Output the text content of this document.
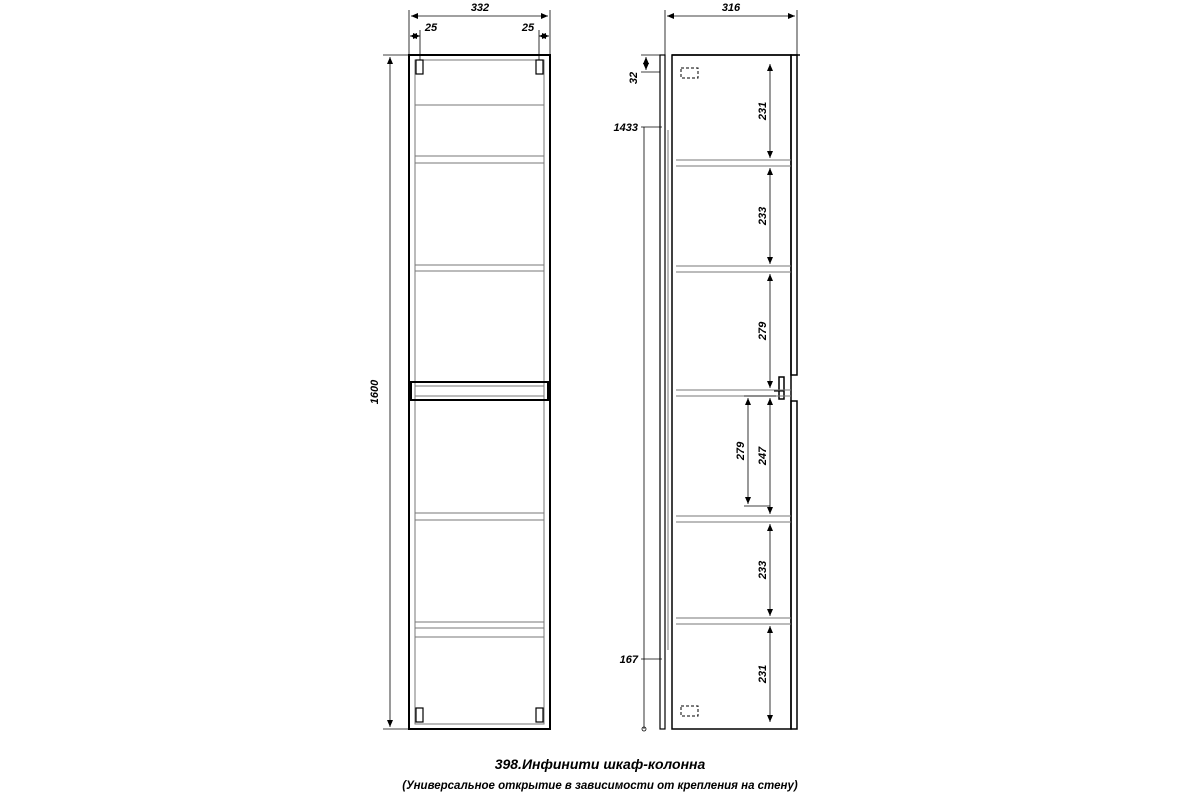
332
25	25
1600
316
32
1433
167
231
233
279
247
233
231
279
398.Инфинити шкаф-колонна
(Универсальное открытие в зависимости от крепления на стену)
